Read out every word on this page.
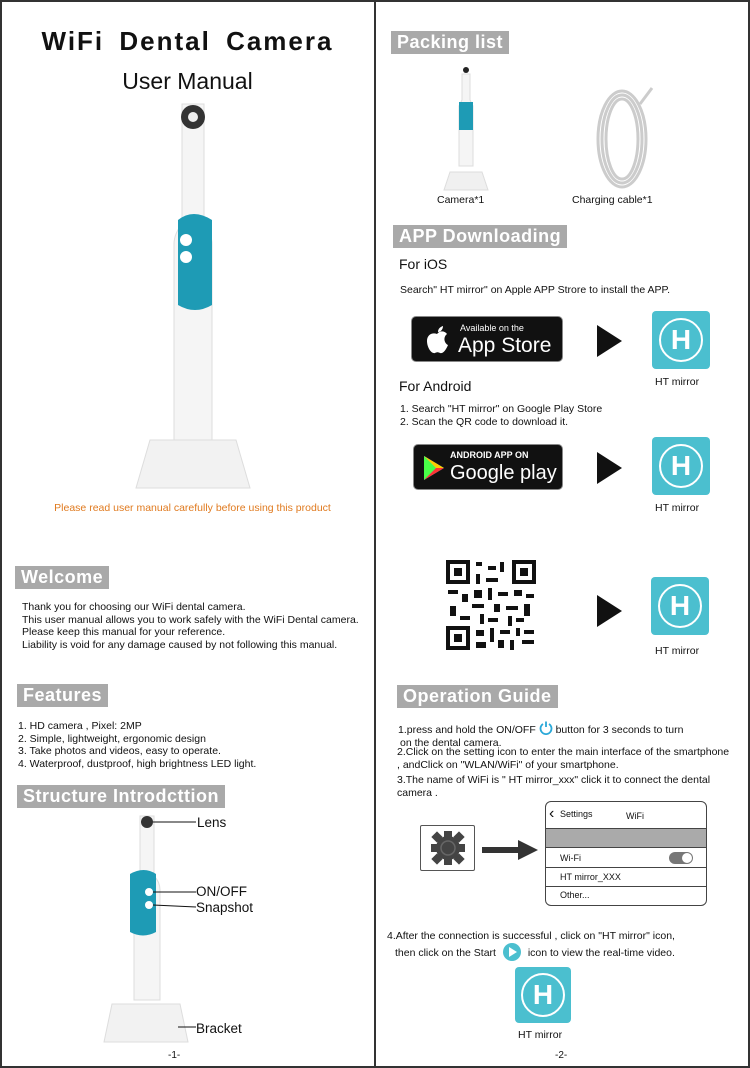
WiFi Dental Camera
User Manual
Please read user manual carefully before using this product
Welcome
Thank you for choosing our WiFi dental camera.
This user manual allows you to work safely with the WiFi Dental camera.
Please keep this manual for your reference.
Liability is void for any damage caused by not following this manual.
Features
1. HD camera , Pixel: 2MP
2. Simple, lightweight, ergonomic design
3. Take photos and videos, easy to operate.
4. Waterproof, dustproof, high brightness LED light.
Structure Introdcttion
Lens
ON/OFF
Snapshot
Bracket
-1-
Packing list
Camera*1	Charging cable*1
APP Downloading
For iOS
Search" HT mirror" on Apple APP Strore to install the APP.
Available on the
App Store	H
HT mirror
For Android
1. Search "HT mirror" on Google Play Store
2. Scan the QR code to download it.
ANDROID APP ON
Google play	H
HT mirror
H
HT mirror
Operation Guide
1.press and hold the ON/OFF button for 3 seconds to turn
on the dental camera.
2.Click on the setting icon to enter the main interface of the smartphone , andClick on "WLAN/WiFi" of your smartphone.
3.The name of WiFi is " HT mirror_xxx" click it to connect the dental camera .
‹ Settings	WiFi
Wi-Fi
HT mirror_XXX
Other...
4.After the connection is successful , click on "HT mirror" icon,
then click on the Start	icon to view the real-time video.
H
HT mirror
-2-
